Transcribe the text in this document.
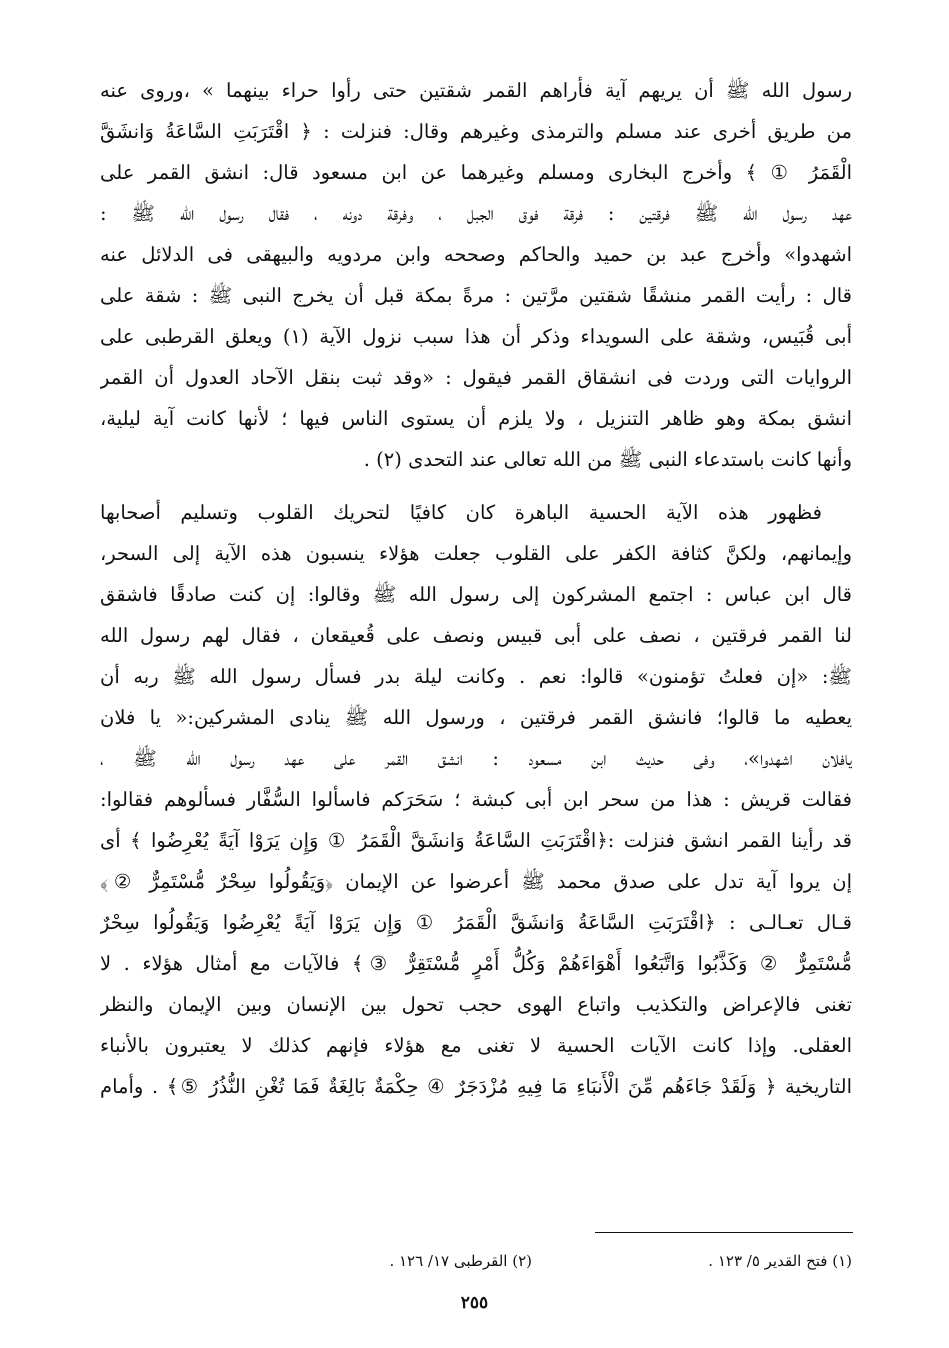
رسول الله ﷺ أن يريهم آية فأراهم القمر شقتين حتى رأوا حراء بينهما » ،وروى عنه
من طريق أخرى عند مسلم والترمذى وغيرهم وقال: فنزلت : ﴿ اقْتَرَبَتِ السَّاعَةُ وَانشَقَّ
الْقَمَرُ ① ﴾ وأخرج البخارى ومسلم وغيرهما عن ابن مسعود قال: انشق القمر على
عهد رسول الله ﷺ فرقتين : فرقة فوق الجبل ، وفرقة دونه ، فقال رسول الله ﷺ :
اشهدوا» وأخرج عبد بن حميد والحاكم وصححه وابن مردويه والبيهقى فى الدلائل عنه
قال : رأيت القمر منشقًا شقتين مرَّتين : مرةً بمكة قبل أن يخرج النبى ﷺ : شقة على
أبى قُبَيس، وشقة على السويداء وذكر أن هذا سبب نزول الآية (١) ويعلق القرطبى على
الروايات التى وردت فى انشقاق القمر فيقول : «وقد ثبت بنقل الآحاد العدول أن القمر
انشق بمكة وهو ظاهر التنزيل ، ولا يلزم أن يستوى الناس فيها ؛ لأنها كانت آية ليلية،
وأنها كانت باستدعاء النبى ﷺ من الله تعالى عند التحدى (٢) .

فظهور هذه الآية الحسية الباهرة كان كافيًا لتحريك القلوب وتسليم أصحابها
وإيمانهم، ولكنَّ كثافة الكفر على القلوب جعلت هؤلاء ينسبون هذه الآية إلى السحر،
قال ابن عباس : اجتمع المشركون إلى رسول الله ﷺ وقالوا: إن كنت صادقًا فاشقق
لنا القمر فرقتين ، نصف على أبى قبيس ونصف على قُعيقعان ، فقال لهم رسول الله
ﷺ: «إن فعلتُ تؤمنون» قالوا: نعم . وكانت ليلة بدر فسأل رسول الله ﷺ ربه أن
يعطيه ما قالوا؛ فانشق القمر فرقتين ، ورسول الله ﷺ ينادى المشركين:« يا فلان
يافلان اشهدوا»، وفى حديث ابن مسعود : انشق القمر على عهد رسول الله ﷺ ،
فقالت قريش : هذا من سحر ابن أبى كبشة ؛ سَحَرَكم فاسألوا السُّفَّار فسألوهم فقالوا:
قد رأينا القمر انشق فنزلت :﴿اقْتَرَبَتِ السَّاعَةُ وَانشَقَّ الْقَمَرُ ① وَإِن يَرَوْا آيَةً يُعْرِضُوا ﴾ أى
إن يروا آية تدل على صدق محمد ﷺ أعرضوا عن الإيمان ﴿وَيَقُولُوا سِحْرٌ مُّسْتَمِرٌّ ②﴾
قـال تعـالـى : ﴿اقْتَرَبَتِ السَّاعَةُ وَانشَقَّ الْقَمَرُ ① وَإِن يَرَوْا آيَةً يُعْرِضُوا وَيَقُولُوا سِحْرٌ
مُّسْتَمِرٌّ ② وَكَذَّبُوا وَاتَّبَعُوا أَهْوَاءَهُمْ وَكُلُّ أَمْرٍ مُّسْتَقِرٌّ ③﴾ فالآيات مع أمثال هؤلاء . لا
تغنى فالإعراض والتكذيب واتباع الهوى حجب تحول بين الإنسان وبين الإيمان والنظر
العقلى. وإذا كانت الآيات الحسية لا تغنى مع هؤلاء فإنهم كذلك لا يعتبرون بالأنباء
التاريخية ﴿ وَلَقَدْ جَاءَهُم مِّنَ الْأَنبَاءِ مَا فِيهِ مُزْدَجَرٌ ④ حِكْمَةٌ بَالِغَةٌ فَمَا تُغْنِ النُّذُرُ ⑤﴾ . وأمام

(١) فتح القدير ٥/ ١٢٣ .
(٢) القرطبى ١٧/ ١٢٦ .
٢٥٥
